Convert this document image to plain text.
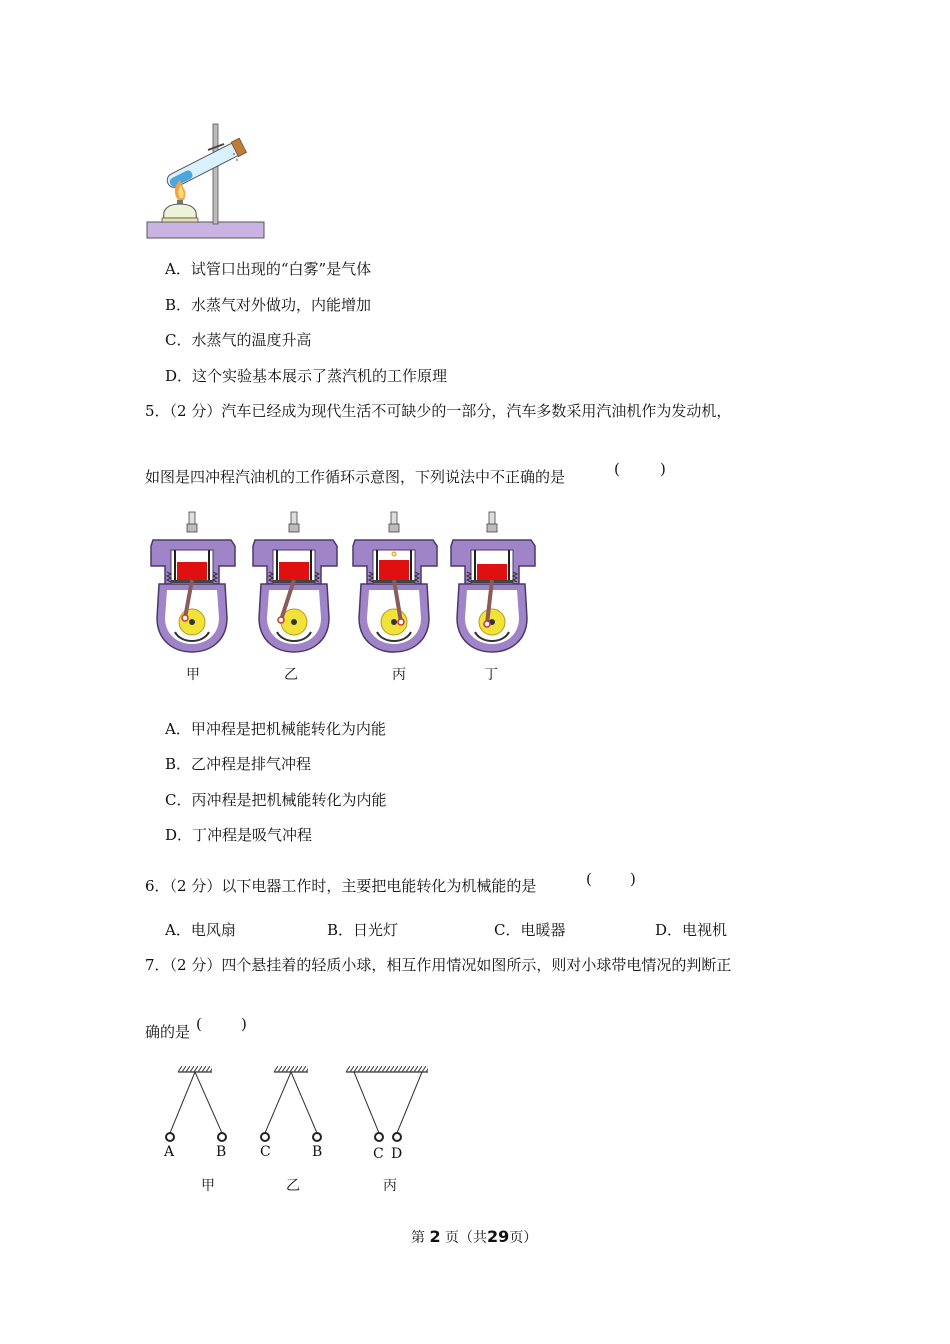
A．试管口出现的“白雾”是气体
B．水蒸气对外做功，内能增加
C．水蒸气的温度升高
D．这个实验基本展示了蒸汽机的工作原理
5．（2 分）汽车已经成为现代生活不可缺少的一部分，汽车多数采用汽油机作为发动机，
如图是四冲程汽油机的工作循环示意图，下列说法中不正确的是	(	)
甲	乙	丙	丁
A．甲冲程是把机械能转化为内能
B．乙冲程是排气冲程
C．丙冲程是把机械能转化为内能
D．丁冲程是吸气冲程
6．（2 分）以下电器工作时，主要把电能转化为机械能的是	(	)
A．电风扇	B．日光灯	C．电暖器	D．电视机
7．（2 分）四个悬挂着的轻质小球，相互作用情况如图所示，则对小球带电情况的判断正
确的是 (	)
A	B C	B	C D
甲	乙	丙
第 2 页（共29页）
